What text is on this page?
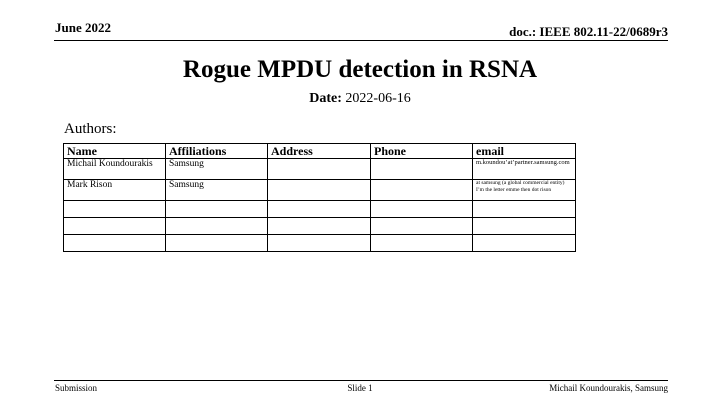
June 2022	doc.: IEEE 802.11-22/0689r3
Rogue MPDU detection in RSNA
Date: 2022-06-16
Authors:
Name	Affiliations	Address	Phone	email
Michail Koundourakis	Samsung			m.koundou’at’partner.samsung.com
Mark Rison	Samsung			at samsung (a global commercial entity) I’m the letter emme then dot rison

Submission	Slide 1	Michail Koundourakis, Samsung
